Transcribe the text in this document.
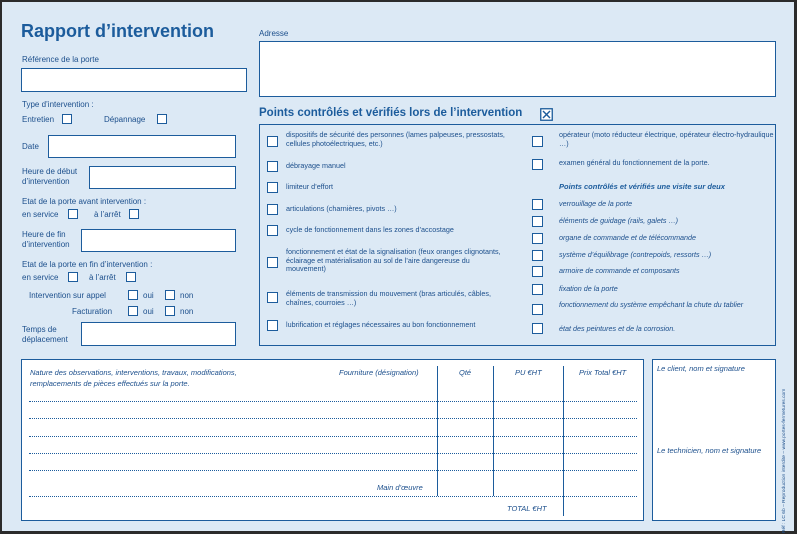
Rapport d’intervention
Référence de la porte
Type d’intervention :
Entretien	Dépannage
Date
Heure de début
d’intervention
Etat de la porte avant intervention :
en service	à l’arrêt
Heure de fin
d’intervention
Etat de la porte en fin d’intervention :
en service	à l’arrêt
Intervention sur appel	oui	non
Facturation	oui	non
Temps de
déplacement
Adresse
Points contrôlés et vérifiés lors de l’intervention
dispositifs de sécurité des personnes (lames palpeuses, pressostats, cellules photoélectriques, etc.)
débrayage manuel
limiteur d’effort
articulations (charnières, pivots …)
cycle de fonctionnement dans les zones d’accostage
fonctionnement et état de la signalisation (feux oranges clignotants, éclairage et matérialisation au sol de l’aire dangereuse du mouvement)
éléments de transmission du mouvement (bras articulés, câbles, chaînes, courroies …)
lubrification et réglages nécessaires au bon fonctionnement
opérateur (moto réducteur électrique, opérateur électro-hydraulique …)
examen général du fonctionnement de la porte.
Points contrôlés et vérifiés une visite sur deux
verrouillage de la porte
éléments de guidage (rails, galets …)
organe de commande et de télécommande
système d’équilibrage (contrepoids, ressorts …)
armoire de commande et composants
fixation de la porte
fonctionnement du système empêchant la chute du tablier
état des peintures et de la corrosion.
Nature des observations, interventions, travaux, modifications,
remplacements de pièces effectués sur la porte.
Fourniture (désignation)	Qté	PU €HT	Prix Total €HT
Main d’œuvre
TOTAL €HT
Le client, nom et signature
Le technicien, nom et signature	Réf : LC 6b – Reproduction interdite – www.portes-fermetures.com
